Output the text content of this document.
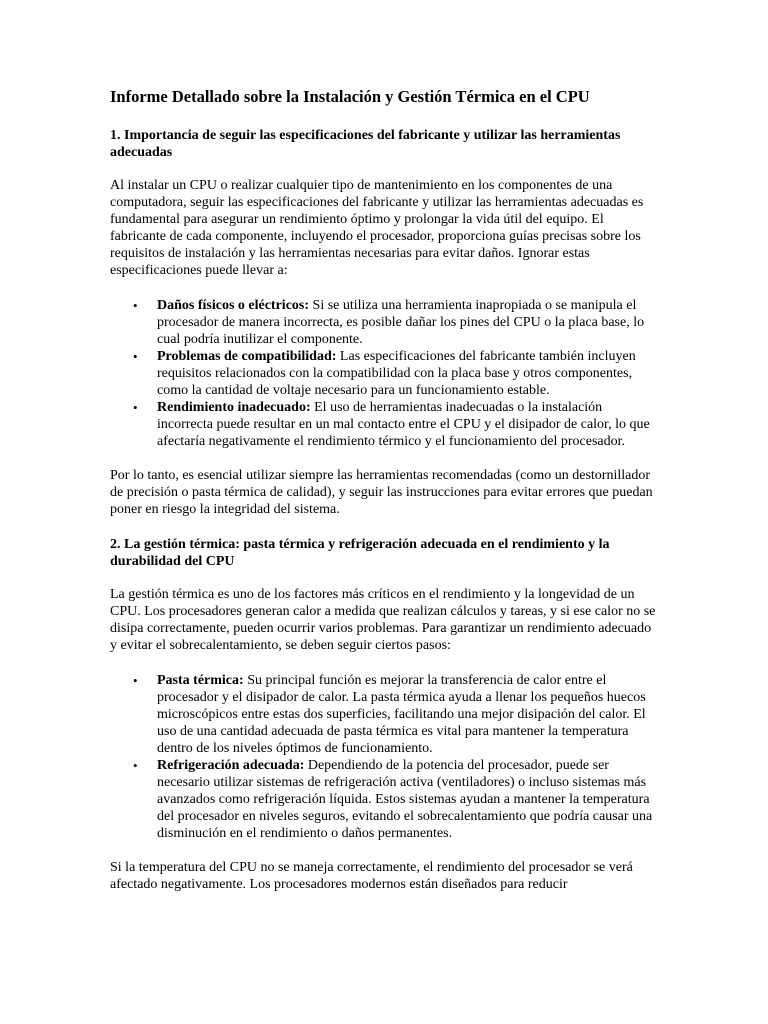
Informe Detallado sobre la Instalación y Gestión Térmica en el CPU
1. Importancia de seguir las especificaciones del fabricante y utilizar las herramientas adecuadas

Al instalar un CPU o realizar cualquier tipo de mantenimiento en los componentes de una computadora, seguir las especificaciones del fabricante y utilizar las herramientas adecuadas es fundamental para asegurar un rendimiento óptimo y prolongar la vida útil del equipo. El fabricante de cada componente, incluyendo el procesador, proporciona guías precisas sobre los requisitos de instalación y las herramientas necesarias para evitar daños. Ignorar estas especificaciones puede llevar a:

• Daños físicos o eléctricos: Si se utiliza una herramienta inapropiada o se manipula el procesador de manera incorrecta, es posible dañar los pines del CPU o la placa base, lo cual podría inutilizar el componente.
• Problemas de compatibilidad: Las especificaciones del fabricante también incluyen requisitos relacionados con la compatibilidad con la placa base y otros componentes, como la cantidad de voltaje necesario para un funcionamiento estable.
• Rendimiento inadecuado: El uso de herramientas inadecuadas o la instalación incorrecta puede resultar en un mal contacto entre el CPU y el disipador de calor, lo que afectaría negativamente el rendimiento térmico y el funcionamiento del procesador.

Por lo tanto, es esencial utilizar siempre las herramientas recomendadas (como un destornillador de precisión o pasta térmica de calidad), y seguir las instrucciones para evitar errores que puedan poner en riesgo la integridad del sistema.

2. La gestión térmica: pasta térmica y refrigeración adecuada en el rendimiento y la durabilidad del CPU

La gestión térmica es uno de los factores más críticos en el rendimiento y la longevidad de un CPU. Los procesadores generan calor a medida que realizan cálculos y tareas, y si ese calor no se disipa correctamente, pueden ocurrir varios problemas. Para garantizar un rendimiento adecuado y evitar el sobrecalentamiento, se deben seguir ciertos pasos:

• Pasta térmica: Su principal función es mejorar la transferencia de calor entre el procesador y el disipador de calor. La pasta térmica ayuda a llenar los pequeños huecos microscópicos entre estas dos superficies, facilitando una mejor disipación del calor. El uso de una cantidad adecuada de pasta térmica es vital para mantener la temperatura dentro de los niveles óptimos de funcionamiento.
• Refrigeración adecuada: Dependiendo de la potencia del procesador, puede ser necesario utilizar sistemas de refrigeración activa (ventiladores) o incluso sistemas más avanzados como refrigeración líquida. Estos sistemas ayudan a mantener la temperatura del procesador en niveles seguros, evitando el sobrecalentamiento que podría causar una disminución en el rendimiento o daños permanentes.

Si la temperatura del CPU no se maneja correctamente, el rendimiento del procesador se verá afectado negativamente. Los procesadores modernos están diseñados para reducir
